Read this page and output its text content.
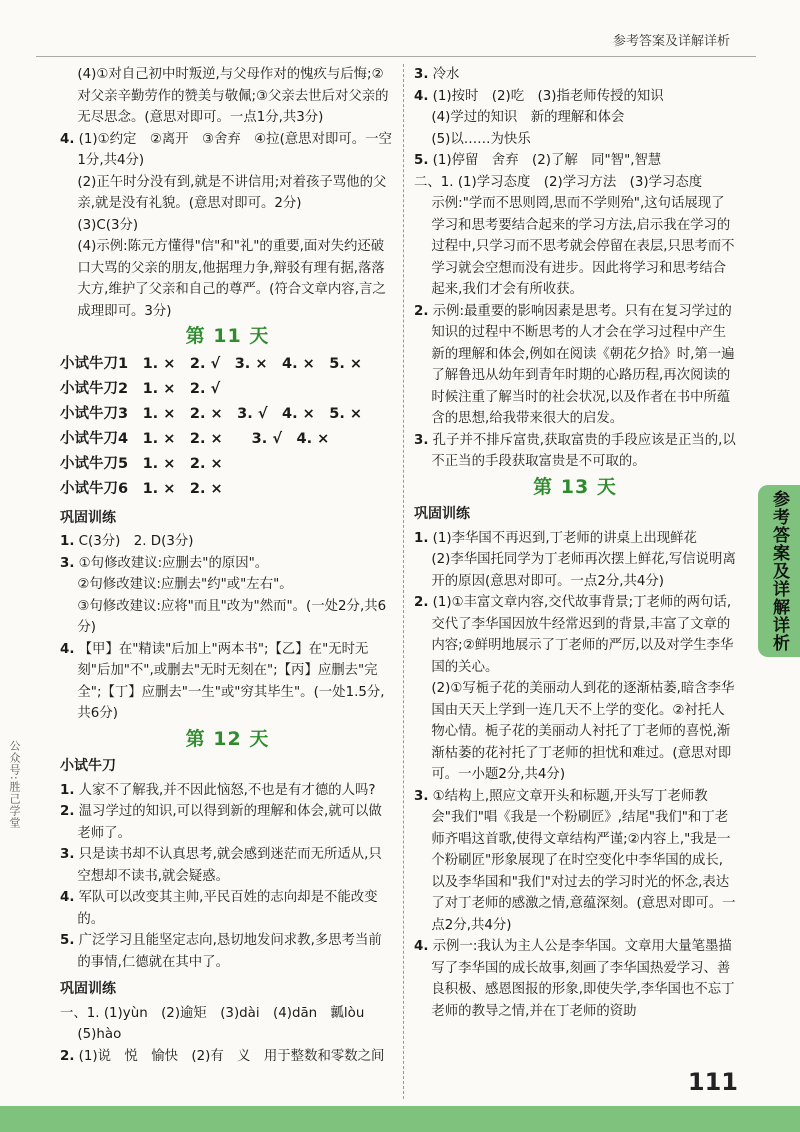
参考答案及详解详析

(4)①对自己初中时叛逆,与父母作对的愧疚与后悔;②对父亲辛勤劳作的赞美与敬佩;③父亲去世后对父亲的无尽思念。(意思对即可。一点1分,共3分)

4. (1)①约定　②离开　③舍弃　④拉(意思对即可。一空1分,共4分)

(2)正午时分没有到,就是不讲信用;对着孩子骂他的父亲,就是没有礼貌。(意思对即可。2分)

(3)C(3分)

(4)示例:陈元方懂得"信"和"礼"的重要,面对失约还破口大骂的父亲的朋友,他据理力争,辩驳有理有据,落落大方,维护了父亲和自己的尊严。(符合文章内容,言之成理即可。3分)

第 11 天

小试牛刀1　1. ×　2. √　3. ×　4. ×　5. ×

小试牛刀2　1. ×　2. √

小试牛刀3　1. ×　2. ×　3. √　4. ×　5. ×

小试牛刀4　1. ×　2. ×　　3. √　4. ×

小试牛刀5　1. ×　2. ×

小试牛刀6　1. ×　2. ×

巩固训练

1. C(3分)　2. D(3分)

3. ①句修改建议:应删去"的原因"。

②句修改建议:应删去"约"或"左右"。

③句修改建议:应将"而且"改为"然而"。(一处2分,共6分)

4. 【甲】在"精读"后加上"两本书";【乙】在"无时无刻"后加"不",或删去"无时无刻在";【丙】应删去"完全";【丁】应删去"一生"或"穷其毕生"。(一处1.5分,共6分)

第 12 天
小试牛刀

1. 人家不了解我,并不因此恼怒,不也是有才德的人吗?

2. 温习学过的知识,可以得到新的理解和体会,就可以做老师了。

3. 只是读书却不认真思考,就会感到迷茫而无所适从,只空想却不读书,就会疑惑。

4. 军队可以改变其主帅,平民百姓的志向却是不能改变的。

5. 广泛学习且能坚定志向,恳切地发问求教,多思考当前的事情,仁德就在其中了。

巩固训练

一、1. (1)yùn　(2)逾矩　(3)dài　(4)dān　瓤lòu　(5)hào

2. (1)说　悦　愉快　(2)有　义　用于整数和零数之间

3. 冷水

4. (1)按时　(2)吃　(3)指老师传授的知识

(4)学过的知识　新的理解和体会

(5)以……为快乐

5. (1)停留　舍弃　(2)了解　同"智",智慧

二、1. (1)学习态度　(2)学习方法　(3)学习态度

示例:"学而不思则罔,思而不学则殆",这句话展现了学习和思考要结合起来的学习方法,启示我在学习的过程中,只学习而不思考就会停留在表层,只思考而不学习就会空想而没有进步。因此将学习和思考结合起来,我们才会有所收获。

2. 示例:最重要的影响因素是思考。只有在复习学过的知识的过程中不断思考的人才会在学习过程中产生新的理解和体会,例如在阅读《朝花夕拾》时,第一遍了解鲁迅从幼年到青年时期的心路历程,再次阅读的时候注重了解当时的社会状况,以及作者在书中所蕴含的思想,给我带来很大的启发。

3. 孔子并不排斥富贵,获取富贵的手段应该是正当的,以不正当的手段获取富贵是不可取的。

第 13 天
巩固训练

1. (1)李华国不再迟到,丁老师的讲桌上出现鲜花

(2)李华国托同学为丁老师再次摆上鲜花,写信说明离开的原因(意思对即可。一点2分,共4分)

2. (1)①丰富文章内容,交代故事背景;丁老师的两句话,交代了李华国因放牛经常迟到的背景,丰富了文章的内容;②鲜明地展示了丁老师的严厉,以及对学生李华国的关心。

(2)①写栀子花的美丽动人到花的逐渐枯萎,暗含李华国由天天上学到一连几天不上学的变化。②衬托人物心情。栀子花的美丽动人衬托了丁老师的喜悦,渐渐枯萎的花衬托了丁老师的担忧和难过。(意思对即可。一小题2分,共4分)

3. ①结构上,照应文章开头和标题,开头写丁老师教会"我们"唱《我是一个粉刷匠》,结尾"我们"和丁老师齐唱这首歌,使得文章结构严谨;②内容上,"我是一个粉刷匠"形象展现了在时空变化中李华国的成长,以及李华国和"我们"对过去的学习时光的怀念,表达了对丁老师的感激之情,意蕴深刻。(意思对即可。一点2分,共4分)

4. 示例一:我认为主人公是李华国。文章用大量笔墨描写了李华国的成长故事,刻画了李华国热爱学习、善良积极、感恩图报的形象,即使失学,李华国也不忘丁老师的教导之情,并在丁老师的资助

参考答案及详解详析
公众号:胜己学堂
111
